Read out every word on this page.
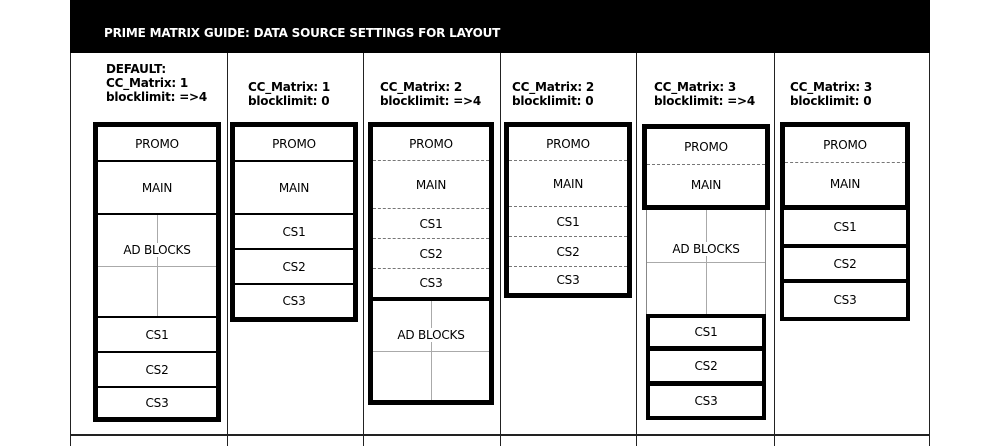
PRIME MATRIX GUIDE: DATA SOURCE SETTINGS FOR LAYOUT
DEFAULT:
CC_Matrix: 1
blocklimit: =>4
PROMO
MAIN
AD BLOCKS
CS1
CS2
CS3
CC_Matrix: 1
blocklimit: 0
PROMO
MAIN
CS1
CS2
CS3
CC_Matrix: 2
blocklimit: =>4
PROMO
MAIN
CS1
CS2
CS3
AD BLOCKS
CC_Matrix: 2
blocklimit: 0
PROMO
MAIN
CS1
CS2
CS3
CC_Matrix: 3
blocklimit: =>4
PROMO
MAIN
AD BLOCKS
CS1
CS2
CS3
CC_Matrix: 3
blocklimit: 0
PROMO
MAIN
CS1
CS2
CS3
